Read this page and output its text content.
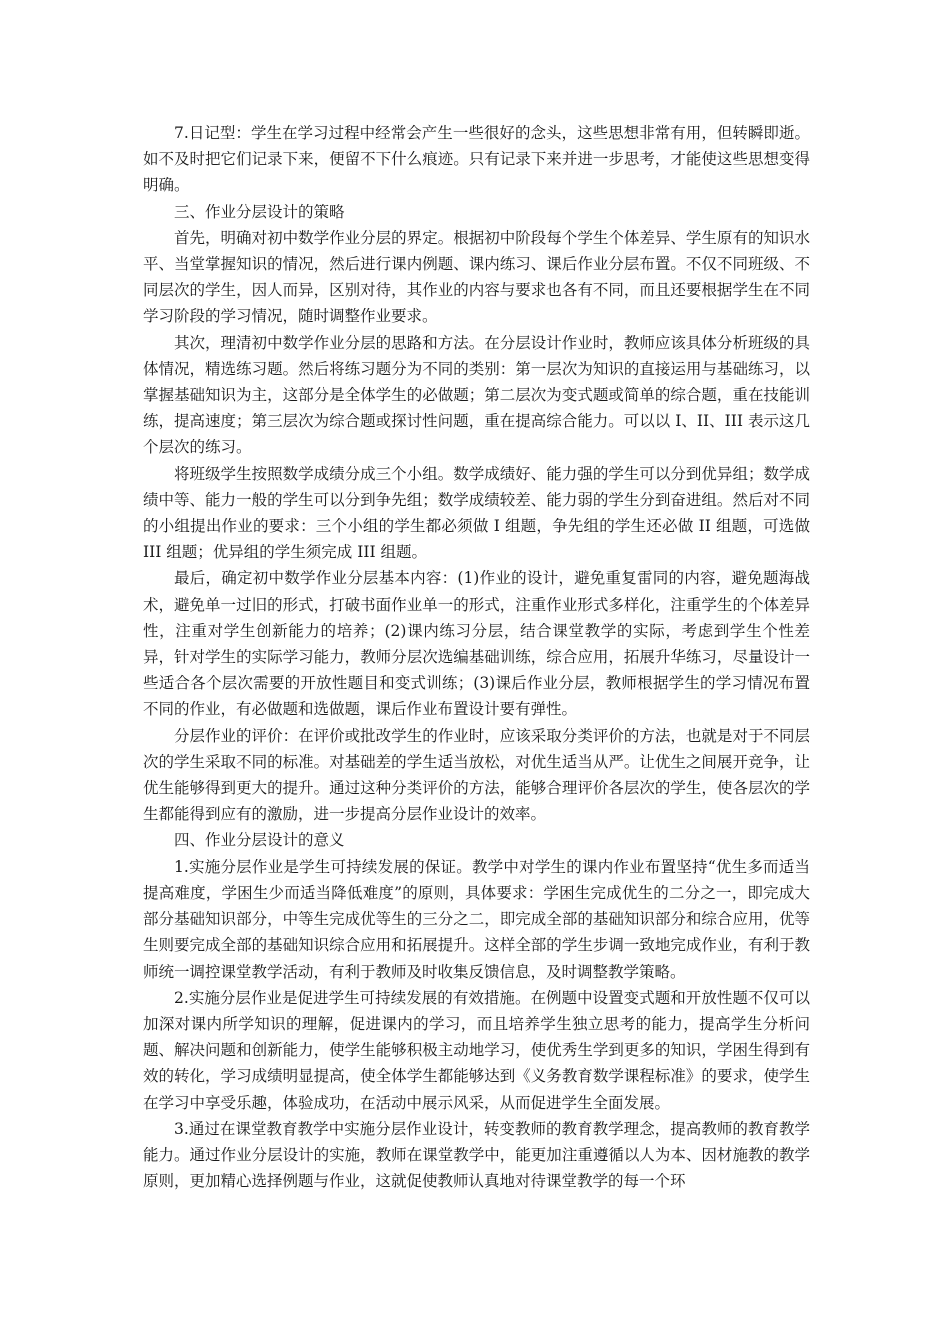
7.日记型：学生在学习过程中经常会产生一些很好的念头，这些思想非常有用，但转瞬即逝。如不及时把它们记录下来，便留不下什么痕迹。只有记录下来并进一步思考，才能使这些思想变得明确。

三、作业分层设计的策略

首先，明确对初中数学作业分层的界定。根据初中阶段每个学生个体差异、学生原有的知识水平、当堂掌握知识的情况，然后进行课内例题、课内练习、课后作业分层布置。不仅不同班级、不同层次的学生，因人而异，区别对待，其作业的内容与要求也各有不同，而且还要根据学生在不同学习阶段的学习情况，随时调整作业要求。

其次，理清初中数学作业分层的思路和方法。在分层设计作业时，教师应该具体分析班级的具体情况，精选练习题。然后将练习题分为不同的类别：第一层次为知识的直接运用与基础练习，以掌握基础知识为主，这部分是全体学生的必做题；第二层次为变式题或简单的综合题，重在技能训练，提高速度；第三层次为综合题或探讨性问题，重在提高综合能力。可以以 I、II、III 表示这几个层次的练习。

将班级学生按照数学成绩分成三个小组。数学成绩好、能力强的学生可以分到优异组；数学成绩中等、能力一般的学生可以分到争先组；数学成绩较差、能力弱的学生分到奋进组。然后对不同的小组提出作业的要求：三个小组的学生都必须做 I 组题，争先组的学生还必做 II 组题，可选做 III 组题；优异组的学生须完成 III 组题。

最后，确定初中数学作业分层基本内容：(1)作业的设计，避免重复雷同的内容，避免题海战术，避免单一过旧的形式，打破书面作业单一的形式，注重作业形式多样化，注重学生的个体差异性，注重对学生创新能力的培养；(2)课内练习分层，结合课堂教学的实际，考虑到学生个性差异，针对学生的实际学习能力，教师分层次选编基础训练，综合应用，拓展升华练习，尽量设计一些适合各个层次需要的开放性题目和变式训练；(3)课后作业分层，教师根据学生的学习情况布置不同的作业，有必做题和选做题，课后作业布置设计要有弹性。

分层作业的评价：在评价或批改学生的作业时，应该采取分类评价的方法，也就是对于不同层次的学生采取不同的标准。对基础差的学生适当放松，对优生适当从严。让优生之间展开竞争，让优生能够得到更大的提升。通过这种分类评价的方法，能够合理评价各层次的学生，使各层次的学生都能得到应有的激励，进一步提高分层作业设计的效率。

四、作业分层设计的意义

1.实施分层作业是学生可持续发展的保证。教学中对学生的课内作业布置坚持“优生多而适当提高难度，学困生少而适当降低难度”的原则，具体要求：学困生完成优生的二分之一，即完成大部分基础知识部分，中等生完成优等生的三分之二，即完成全部的基础知识部分和综合应用，优等生则要完成全部的基础知识综合应用和拓展提升。这样全部的学生步调一致地完成作业，有利于教师统一调控课堂教学活动，有利于教师及时收集反馈信息，及时调整教学策略。

2.实施分层作业是促进学生可持续发展的有效措施。在例题中设置变式题和开放性题不仅可以加深对课内所学知识的理解，促进课内的学习，而且培养学生独立思考的能力，提高学生分析问题、解决问题和创新能力，使学生能够积极主动地学习，使优秀生学到更多的知识，学困生得到有效的转化，学习成绩明显提高，使全体学生都能够达到《义务教育数学课程标准》的要求，使学生在学习中享受乐趣，体验成功，在活动中展示风采，从而促进学生全面发展。

3.通过在课堂教育教学中实施分层作业设计，转变教师的教育教学理念，提高教师的教育教学能力。通过作业分层设计的实施，教师在课堂教学中，能更加注重遵循以人为本、因材施教的教学原则，更加精心选择例题与作业，这就促使教师认真地对待课堂教学的每一个环
